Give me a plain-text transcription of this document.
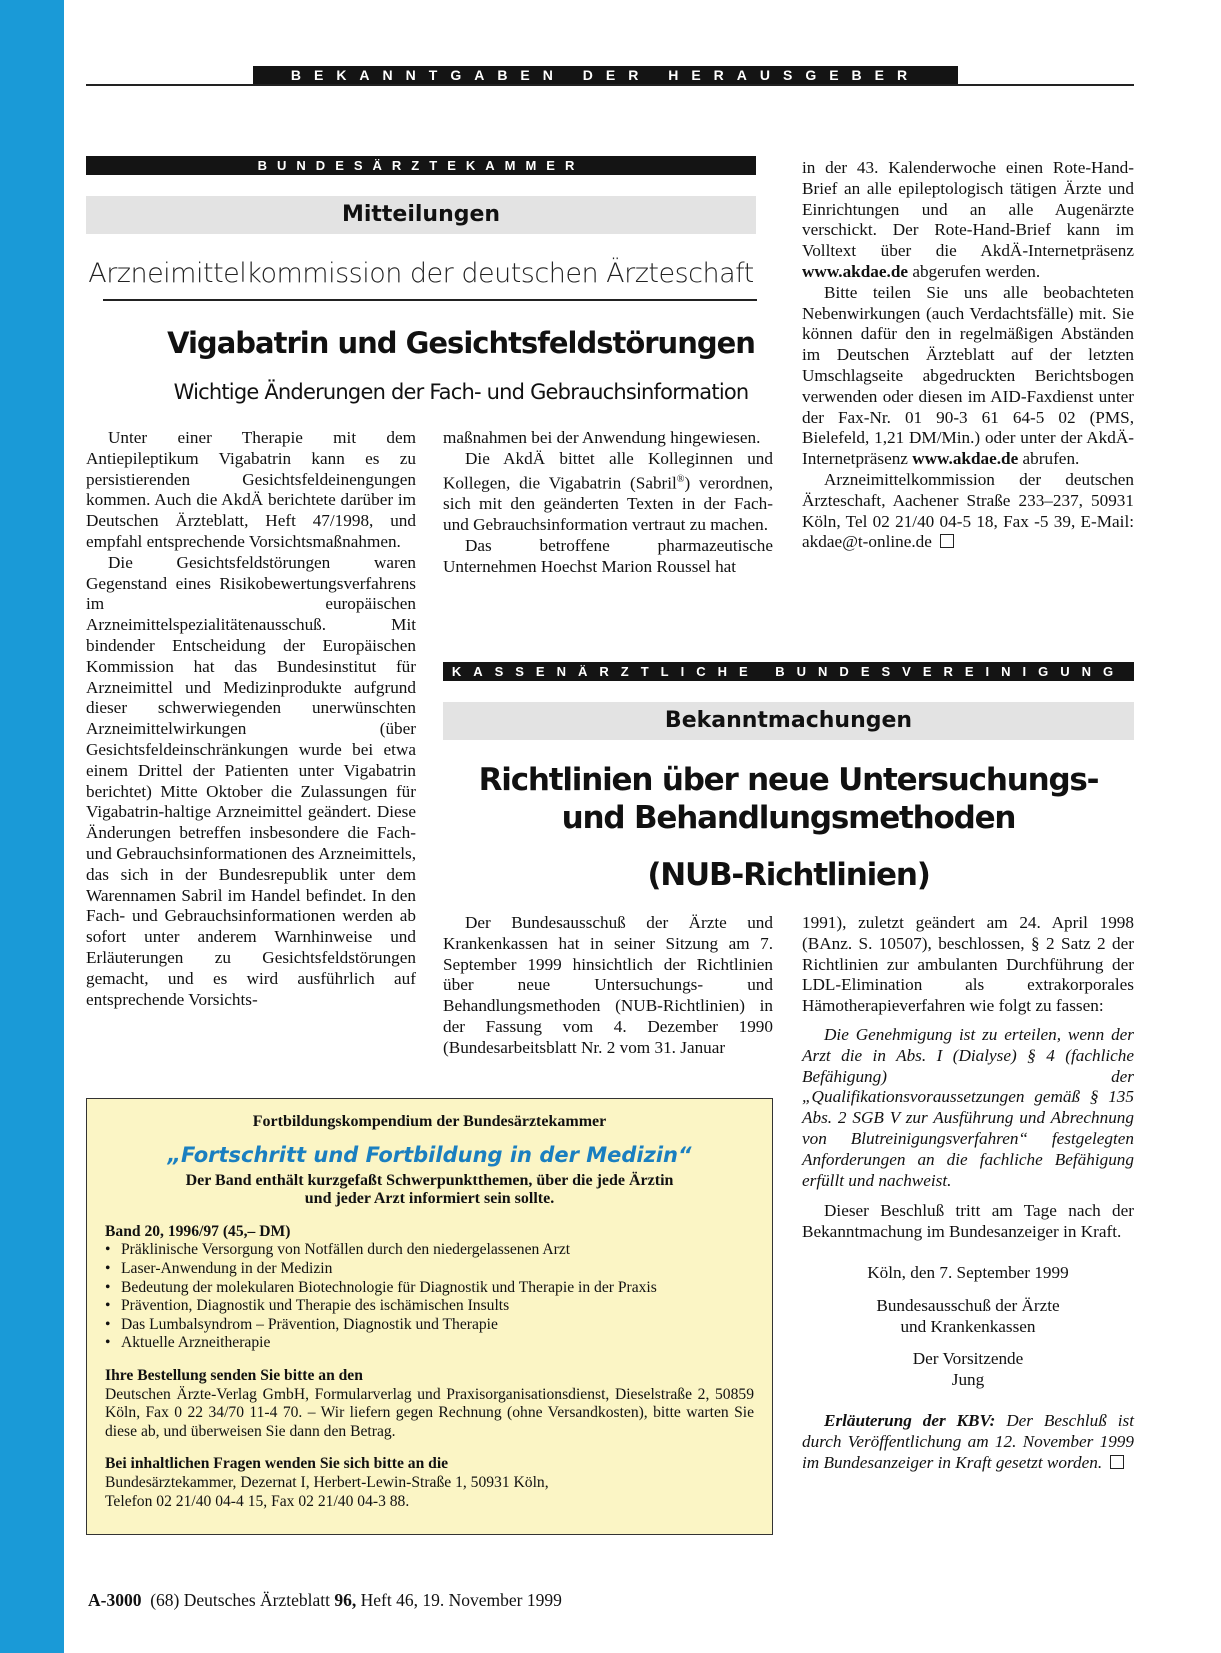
BEKANNTGABEN DER HERAUSGEBER
BUNDESÄRZTEKAMMER
Mitteilungen
Arzneimittelkommission der deutschen Ärzteschaft
Vigabatrin und Gesichtsfeldstörungen
Wichtige Änderungen der Fach- und Gebrauchsinformation

Unter einer Therapie mit dem Antiepileptikum Vigabatrin kann es zu persistierenden Gesichtsfeldeinengungen kommen. Auch die AkdÄ berichtete darüber im Deutschen Ärzteblatt, Heft 47/1998, und empfahl entsprechende Vorsichtsmaßnahmen.

Die Gesichtsfeldstörungen waren Gegenstand eines Risikobewertungsverfahrens im europäischen Arzneimittelspezialitätenausschuß. Mit bindender Entscheidung der Europäischen Kommission hat das Bundesinstitut für Arzneimittel und Medizinprodukte aufgrund dieser schwerwiegenden unerwünschten Arzneimittelwirkungen (über Gesichtsfeldeinschränkungen wurde bei etwa einem Drittel der Patienten unter Vigabatrin berichtet) Mitte Oktober die Zulassungen für Vigabatrin-haltige Arzneimittel geändert. Diese Änderungen betreffen insbesondere die Fach- und Gebrauchsinformationen des Arzneimittels, das sich in der Bundesrepublik unter dem Warennamen Sabril im Handel befindet. In den Fach- und Gebrauchsinformationen werden ab sofort unter anderem Warnhinweise und Erläuterungen zu Gesichtsfeldstörungen gemacht, und es wird ausführlich auf entsprechende Vorsichts-

maßnahmen bei der Anwendung hingewiesen.

Die AkdÄ bittet alle Kolleginnen und Kollegen, die Vigabatrin (Sabril®) verordnen, sich mit den geänderten Texten in der Fach- und Gebrauchsinformation vertraut zu machen.

Das betroffene pharmazeutische Unternehmen Hoechst Marion Roussel hat

in der 43. Kalenderwoche einen Rote-Hand-Brief an alle epileptologisch tätigen Ärzte und Einrichtungen und an alle Augenärzte verschickt. Der Rote-Hand-Brief kann im Volltext über die AkdÄ-Internetpräsenz www.akdae.de abgerufen werden.

Bitte teilen Sie uns alle beobachteten Nebenwirkungen (auch Verdachtsfälle) mit. Sie können dafür den in regelmäßigen Abständen im Deutschen Ärzteblatt auf der letzten Umschlagseite abgedruckten Berichtsbogen verwenden oder diesen im AID-Faxdienst unter der Fax-Nr. 01 90-3 61 64-5 02 (PMS, Bielefeld, 1,21 DM/Min.) oder unter der AkdÄ-Internetpräsenz www.akdae.de abrufen.

Arzneimittelkommission der deutschen Ärzteschaft, Aachener Straße 233–237, 50931 Köln, Tel 02 21/40 04-5 18, Fax -5 39, E-Mail: akdae@t-online.de

KASSENÄRZTLICHE BUNDESVEREINIGUNG
Bekanntmachungen
Richtlinien über neue Untersuchungs-
und Behandlungsmethoden
(NUB-Richtlinien)

Der Bundesausschuß der Ärzte und Krankenkassen hat in seiner Sitzung am 7. September 1999 hinsichtlich der Richtlinien über neue Untersuchungs- und Behandlungsmethoden (NUB-Richtlinien) in der Fassung vom 4. Dezember 1990 (Bundesarbeitsblatt Nr. 2 vom 31. Januar

1991), zuletzt geändert am 24. April 1998 (BAnz. S. 10507), beschlossen, § 2 Satz 2 der Richtlinien zur ambulanten Durchführung der LDL-Elimination als extrakorporales Hämotherapieverfahren wie folgt zu fassen:

Die Genehmigung ist zu erteilen, wenn der Arzt die in Abs. I (Dialyse) § 4 (fachliche Befähigung) der „Qualifikationsvoraussetzungen gemäß § 135 Abs. 2 SGB V zur Ausführung und Abrechnung von Blutreinigungsverfahren“ festgelegten Anforderungen an die fachliche Befähigung erfüllt und nachweist.

Dieser Beschluß tritt am Tage nach der Bekanntmachung im Bundesanzeiger in Kraft.

Köln, den 7. September 1999

Bundesausschuß der Ärzte

und Krankenkassen

Der Vorsitzende

Jung

Erläuterung der KBV: Der Beschluß ist durch Veröffentlichung am 12. November 1999 im Bundesanzeiger in Kraft gesetzt worden.

Fortbildungskompendium der Bundesärztekammer
„Fortschritt und Fortbildung in der Medizin“
Der Band enthält kurzgefaßt Schwerpunktthemen, über die jede Ärztin
und jeder Arzt informiert sein sollte.
Band 20, 1996/97 (45,– DM)
• Präklinische Versorgung von Notfällen durch den niedergelassenen Arzt
• Laser-Anwendung in der Medizin
• Bedeutung der molekularen Biotechnologie für Diagnostik und Therapie in der Praxis
• Prävention, Diagnostik und Therapie des ischämischen Insults
• Das Lumbalsyndrom – Prävention, Diagnostik und Therapie
• Aktuelle Arzneitherapie
Ihre Bestellung senden Sie bitte an den
Deutschen Ärzte-Verlag GmbH, Formularverlag und Praxisorganisationsdienst, Dieselstraße 2, 50859 Köln, Fax 0 22 34/70 11-4 70. – Wir liefern gegen Rechnung (ohne Versandkosten), bitte warten Sie diese ab, und überweisen Sie dann den Betrag.
Bei inhaltlichen Fragen wenden Sie sich bitte an die
Bundesärztekammer, Dezernat I, Herbert-Lewin-Straße 1, 50931 Köln,
Telefon 02 21/40 04-4 15, Fax 02 21/40 04-3 88.
A-3000 (68) Deutsches Ärzteblatt 96, Heft 46, 19. November 1999
